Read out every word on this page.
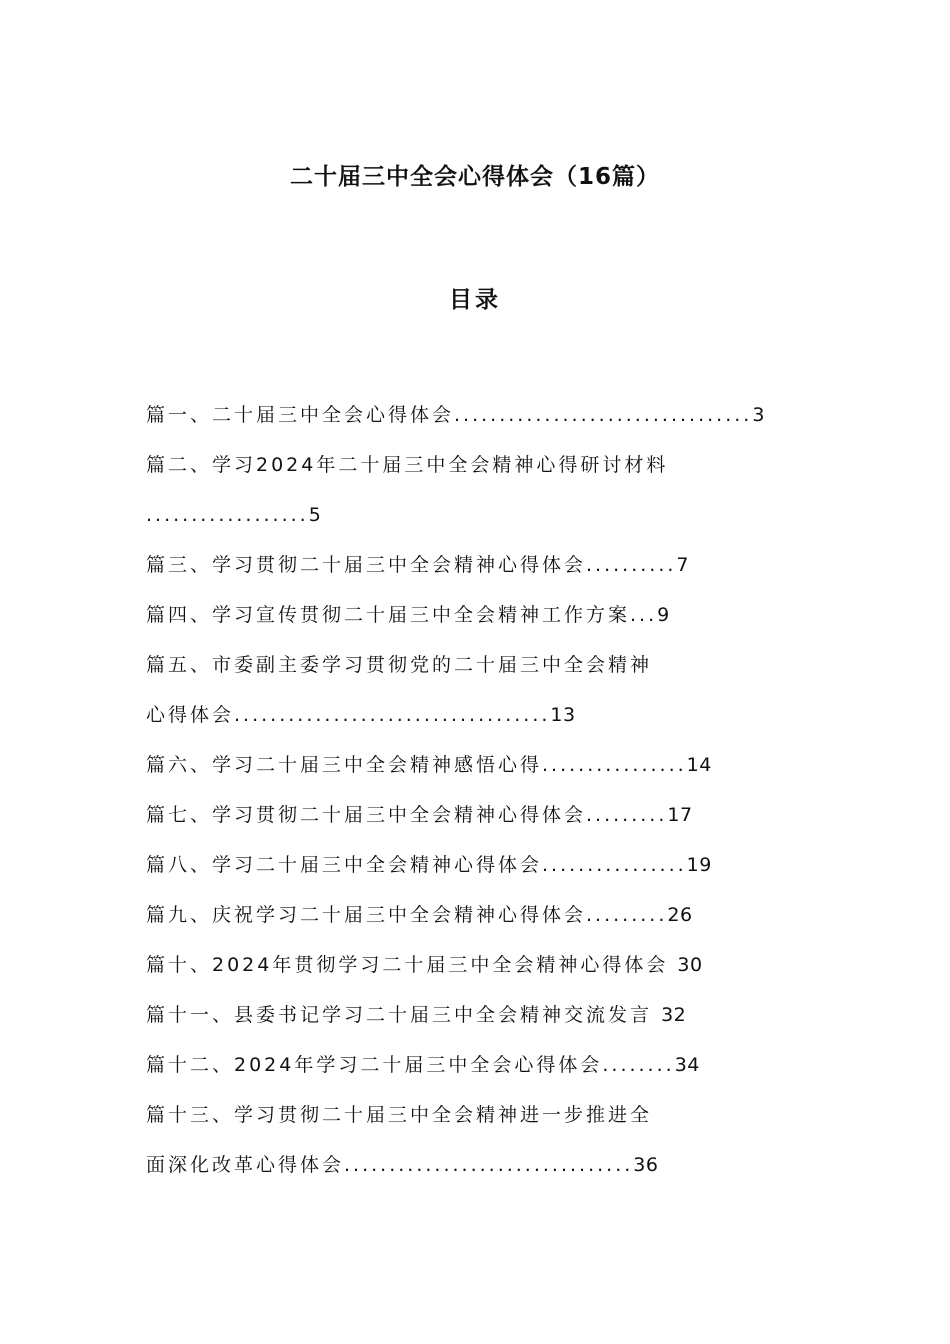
二十届三中全会心得体会（16篇）
目录
篇一、二十届三中全会心得体会.................................3
篇二、学习2024年二十届三中全会精神心得研讨材料
..................5
篇三、学习贯彻二十届三中全会精神心得体会..........7
篇四、学习宣传贯彻二十届三中全会精神工作方案...9
篇五、市委副主委学习贯彻党的二十届三中全会精神
心得体会...................................13
篇六、学习二十届三中全会精神感悟心得................14
篇七、学习贯彻二十届三中全会精神心得体会.........17
篇八、学习二十届三中全会精神心得体会................19
篇九、庆祝学习二十届三中全会精神心得体会.........26
篇十、2024年贯彻学习二十届三中全会精神心得体会 30
篇十一、县委书记学习二十届三中全会精神交流发言 32
篇十二、2024年学习二十届三中全会心得体会........34
篇十三、学习贯彻二十届三中全会精神进一步推进全
面深化改革心得体会................................36
